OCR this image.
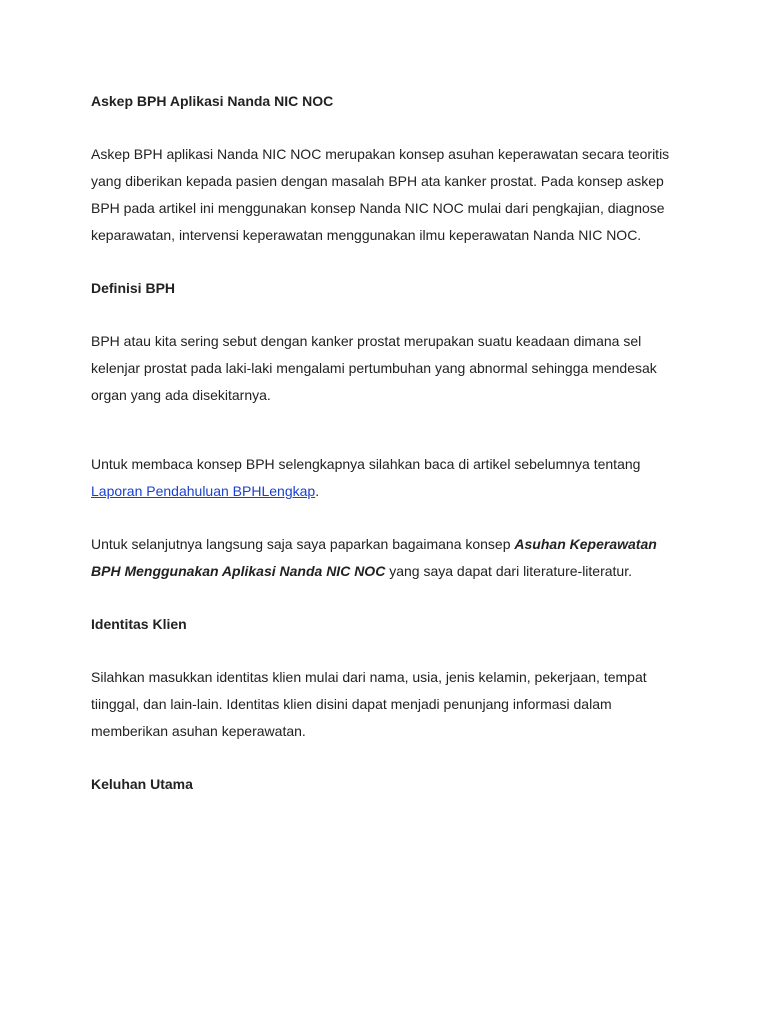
Askep BPH Aplikasi Nanda NIC NOC

Askep BPH aplikasi Nanda NIC NOC merupakan konsep asuhan keperawatan secara teoritis yang diberikan kepada pasien dengan masalah BPH ata kanker prostat. Pada konsep askep BPH pada artikel ini menggunakan konsep Nanda NIC NOC mulai dari pengkajian, diagnose keparawatan, intervensi keperawatan menggunakan ilmu keperawatan Nanda NIC NOC.

Definisi BPH

BPH atau kita sering sebut dengan kanker prostat merupakan suatu keadaan dimana sel kelenjar prostat pada laki-laki mengalami pertumbuhan yang abnormal sehingga mendesak organ yang ada disekitarnya.

Untuk membaca konsep BPH selengkapnya silahkan baca di artikel sebelumnya tentang Laporan Pendahuluan BPHLengkap.

Untuk selanjutnya langsung saja saya paparkan bagaimana konsep Asuhan Keperawatan BPH Menggunakan Aplikasi Nanda NIC NOC yang saya dapat dari literature-literatur.

Identitas Klien

Silahkan masukkan identitas klien mulai dari nama, usia, jenis kelamin, pekerjaan, tempat tiinggal, dan lain-lain. Identitas klien disini dapat menjadi penunjang informasi dalam memberikan asuhan keperawatan.

Keluhan Utama
